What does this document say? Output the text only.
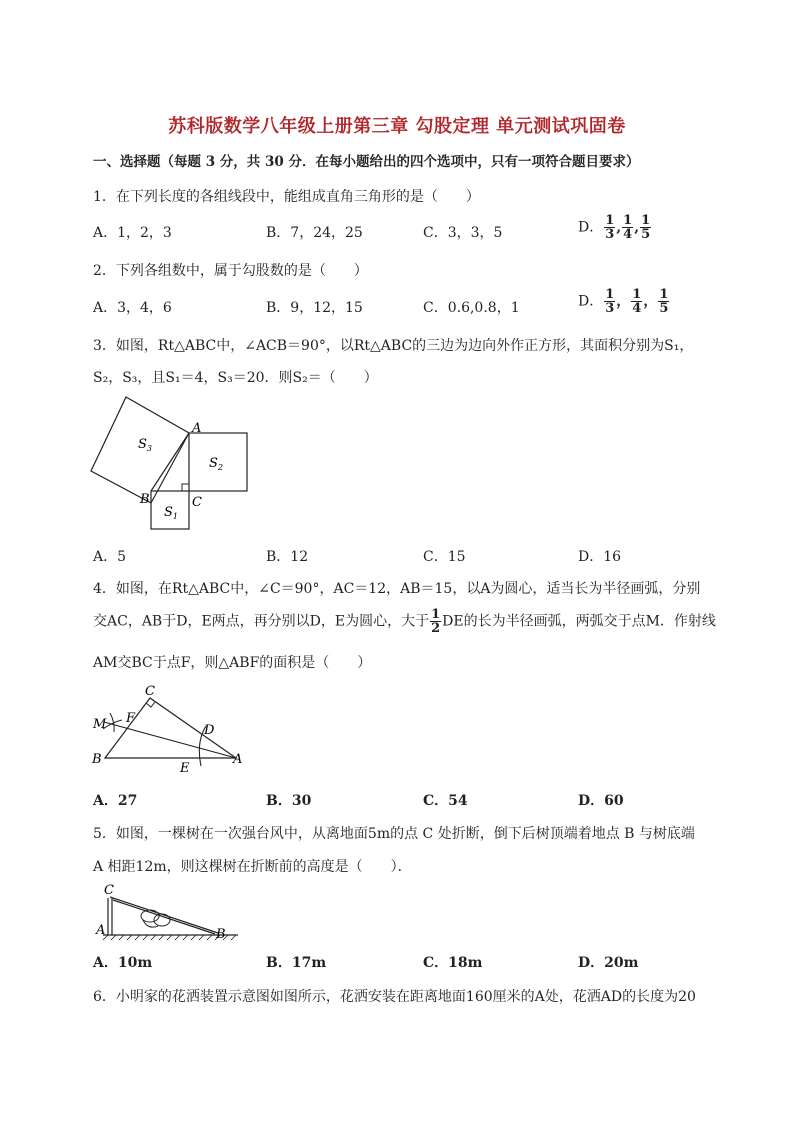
苏科版数学八年级上册第三章 勾股定理 单元测试巩固卷
一、选择题（每题 3 分，共 30 分．在每小题给出的四个选项中，只有一项符合题目要求）
1．在下列长度的各组线段中，能组成直角三角形的是（　　）
A．1，2，3	B．7，24，25	C．3，3，5	D． $\frac{1}{3}$ , $\frac{1}{4}$ , $\frac{1}{5}$
2．下列各组数中，属于勾股数的是（　　）
A．3，4，6	B．9，12，15	C．0.6,0.8，1	D． $\frac{1}{3}$ ， $\frac{1}{4}$ ， $\frac{1}{5}$
3．如图，Rt△ABC中，∠ACB＝90°，以Rt△ABC的三边为边向外作正方形，其面积分别为S₁，
S₂，S₃，且S₁＝4，S₃＝20．则S₂＝（　　）
A
B	C
$S_3$
$S_2$
$S_1$
A．5	B．12	C．15	D．16
4．如图，在Rt△ABC中，∠C＝90°，AC＝12，AB＝15，以A为圆心，适当长为半径画弧，分别
交AC，AB于D，E两点，再分别以D，E为圆心，大于 $\frac{1}{2}$ DE的长为半径画弧，两弧交于点M．作射线
AM交BC于点F，则△ABF的面积是（　　）
C
F
M	D
B
E
A
A．27	B．30	C．54	D．60
5．如图，一棵树在一次强台风中，从离地面5m的点 C 处折断，倒下后树顶端着地点 B 与树底端
A 相距12m，则这棵树在折断前的高度是（　　）．
C
A	B
A．10m	B．17m	C．18m	D．20m
6．小明家的花洒装置示意图如图所示，花洒安装在距离地面160厘米的A处，花洒AD的长度为20
